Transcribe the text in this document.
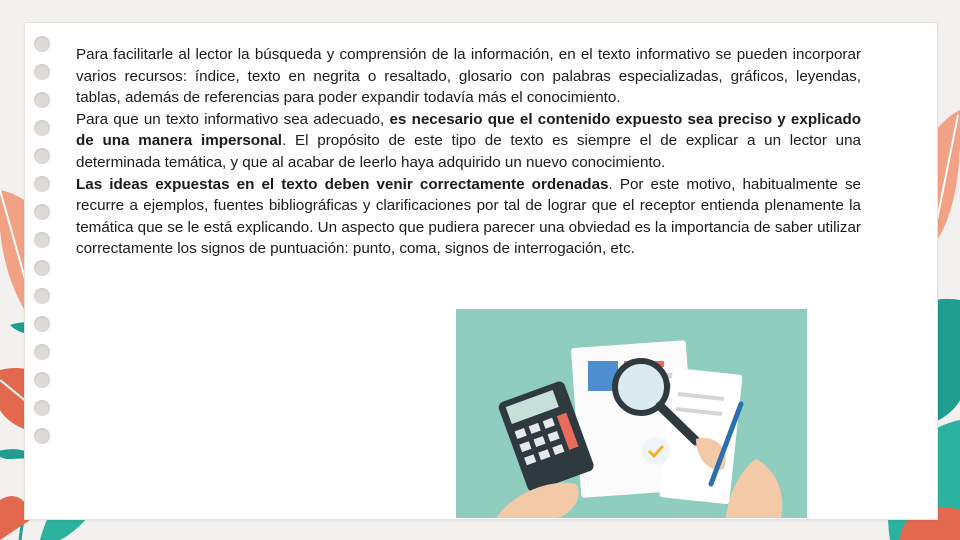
Para facilitarle al lector la búsqueda y comprensión de la información, en el texto informativo se pueden incorporar varios recursos: índice, texto en negrita o resaltado, glosario con palabras especializadas, gráficos, leyendas, tablas, además de referencias para poder expandir todavía más el conocimiento.

Para que un texto informativo sea adecuado, es necesario que el contenido expuesto sea preciso y explicado de una manera impersonal. El propósito de este tipo de texto es siempre el de explicar a un lector una determinada temática, y que al acabar de leerlo haya adquirido un nuevo conocimiento.

Las ideas expuestas en el texto deben venir correctamente ordenadas. Por este motivo, habitualmente se recurre a ejemplos, fuentes bibliográficas y clarificaciones por tal de lograr que el receptor entienda plenamente la temática que se le está explicando. Un aspecto que pudiera parecer una obviedad es la importancia de saber utilizar correctamente los signos de puntuación: punto, coma, signos de interrogación, etc.
